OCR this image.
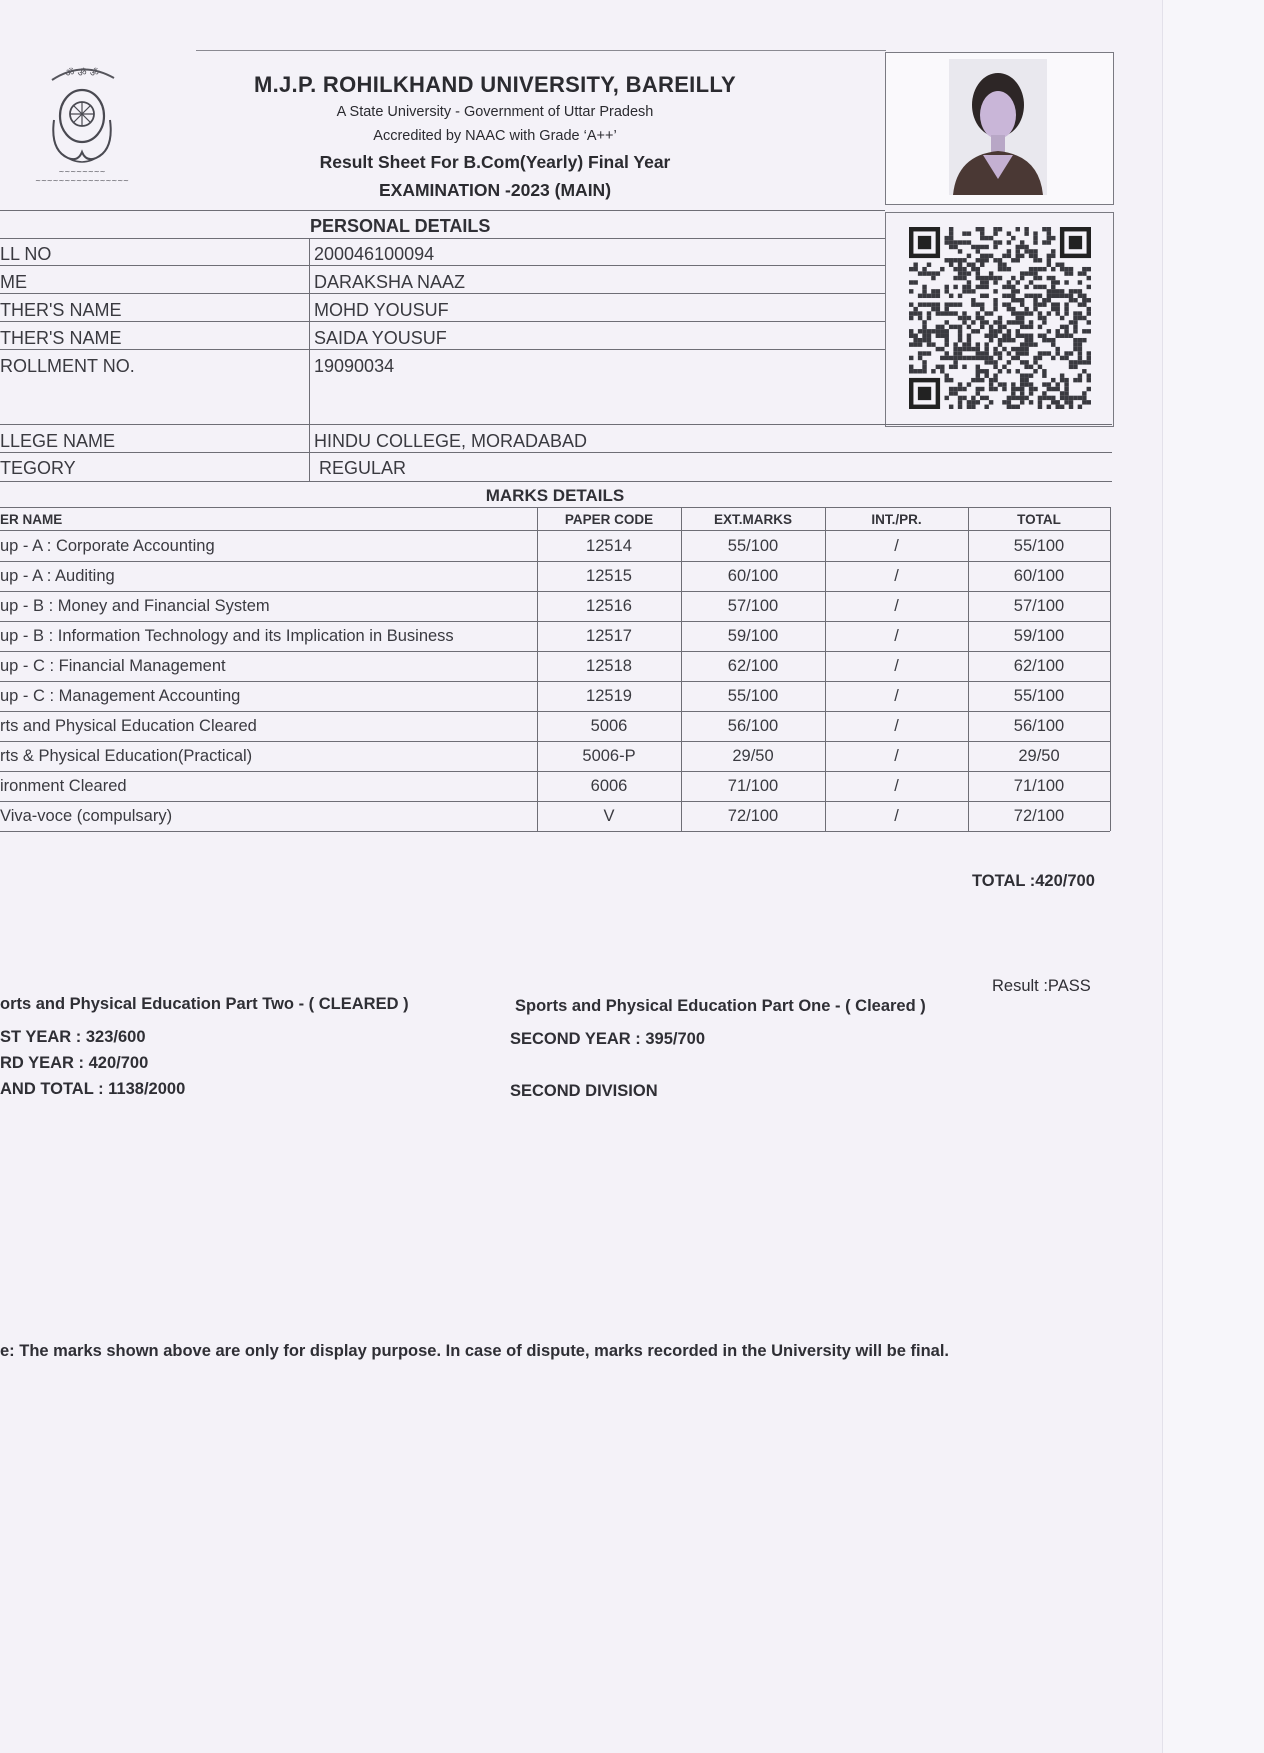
ॐ ॐ ॐ
~~~~~~~~
~~~~~~~~~~~~~~~~
M.J.P. ROHILKHAND UNIVERSITY, BAREILLY
A State University - Government of Uttar Pradesh
Accredited by NAAC with Grade ‘A++’
Result Sheet For B.Com(Yearly) Final Year
EXAMINATION -2023 (MAIN)
PERSONAL DETAILS
LL NO	200046100094
ME	DARAKSHA NAAZ
THER'S NAME	MOHD YOUSUF
THER'S NAME	SAIDA YOUSUF
ROLLMENT NO.	19090034
LLEGE NAME	HINDU COLLEGE, MORADABAD
TEGORY	REGULAR
MARKS DETAILS
ER NAME	PAPER CODE	EXT.MARKS	INT./PR.	TOTAL
up - A : Corporate Accounting	12514	55/100	/	55/100
up - A : Auditing	12515	60/100	/	60/100
up - B : Money and Financial System	12516	57/100	/	57/100
up - B : Information Technology and its Implication in Business	12517	59/100	/	59/100
up - C : Financial Management	12518	62/100	/	62/100
up - C : Management Accounting	12519	55/100	/	55/100
rts and Physical Education Cleared	5006	56/100	/	56/100
rts & Physical Education(Practical)	5006-P	29/50	/	29/50
ironment Cleared	6006	71/100	/	71/100
Viva-voce (compulsary)	V	72/100	/	72/100
TOTAL :420/700
Result :PASS
orts and Physical Education Part Two - ( CLEARED )	Sports and Physical Education Part One - ( Cleared )
ST YEAR : 323/600	SECOND YEAR : 395/700
RD YEAR : 420/700
AND TOTAL : 1138/2000	SECOND DIVISION
e: The marks shown above are only for display purpose. In case of dispute, marks recorded in the University will be final.
